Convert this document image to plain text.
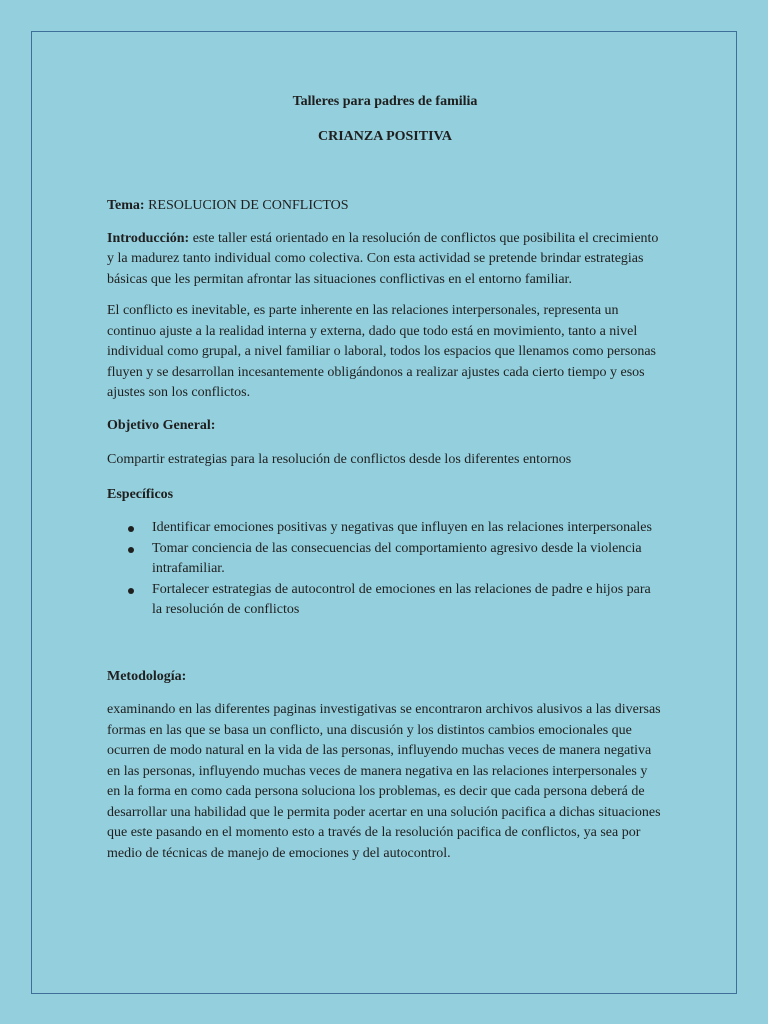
Talleres para padres de familia

CRIANZA POSITIVA

Tema: RESOLUCION DE CONFLICTOS

Introducción: este taller está orientado en la resolución de conflictos que posibilita el crecimiento y la madurez tanto individual como colectiva. Con esta actividad se pretende brindar estrategias básicas que les permitan afrontar las situaciones conflictivas en el entorno familiar.

El conflicto es inevitable, es parte inherente en las relaciones interpersonales, representa un continuo ajuste a la realidad interna y externa, dado que todo está en movimiento, tanto a nivel individual como grupal, a nivel familiar o laboral, todos los espacios que llenamos como personas fluyen y se desarrollan incesantemente obligándonos a realizar ajustes cada cierto tiempo y esos ajustes son los conflictos.

Objetivo General:

Compartir estrategias para la resolución de conflictos desde los diferentes entornos

Específicos

Identificar emociones positivas y negativas que influyen en las relaciones interpersonales
Tomar conciencia de las consecuencias del comportamiento agresivo desde la violencia intrafamiliar.
Fortalecer estrategias de autocontrol de emociones en las relaciones de padre e hijos para la resolución de conflictos

Metodología:

examinando en las diferentes paginas investigativas se encontraron archivos alusivos a las diversas formas en las que se basa un conflicto, una discusión y los distintos cambios emocionales que ocurren de modo natural en la vida de las personas, influyendo muchas veces de manera negativa en las personas, influyendo muchas veces de manera negativa en las relaciones interpersonales y en la forma en como cada persona soluciona los problemas, es decir que cada persona deberá de desarrollar una habilidad que le permita poder acertar en una solución pacifica a dichas situaciones que este pasando en el momento esto a través de la resolución pacifica de conflictos, ya sea por medio de técnicas de manejo de emociones y del autocontrol.
